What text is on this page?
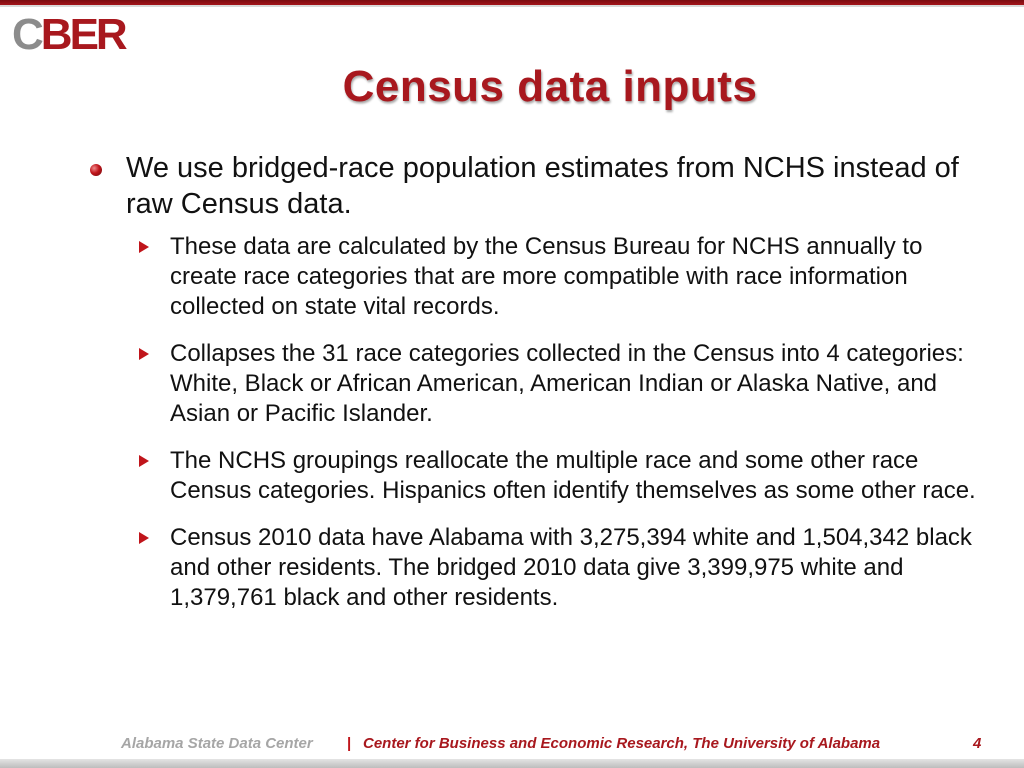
CBER
Census data inputs
We use bridged-race population estimates from NCHS instead of raw Census data.
These data are calculated by the Census Bureau for NCHS annually to create race categories that are more compatible with race information collected on state vital records.
Collapses the 31 race categories collected in the Census into 4 categories: White, Black or African American, American Indian or Alaska Native, and Asian or Pacific Islander.
The NCHS groupings reallocate the multiple race and some other race Census categories. Hispanics often identify themselves as some other race.
Census 2010 data have Alabama with 3,275,394 white and 1,504,342 black and other residents. The bridged 2010 data give 3,399,975 white and 1,379,761 black and other residents.
Alabama State Data Center | Center for Business and Economic Research, The University of Alabama	4
